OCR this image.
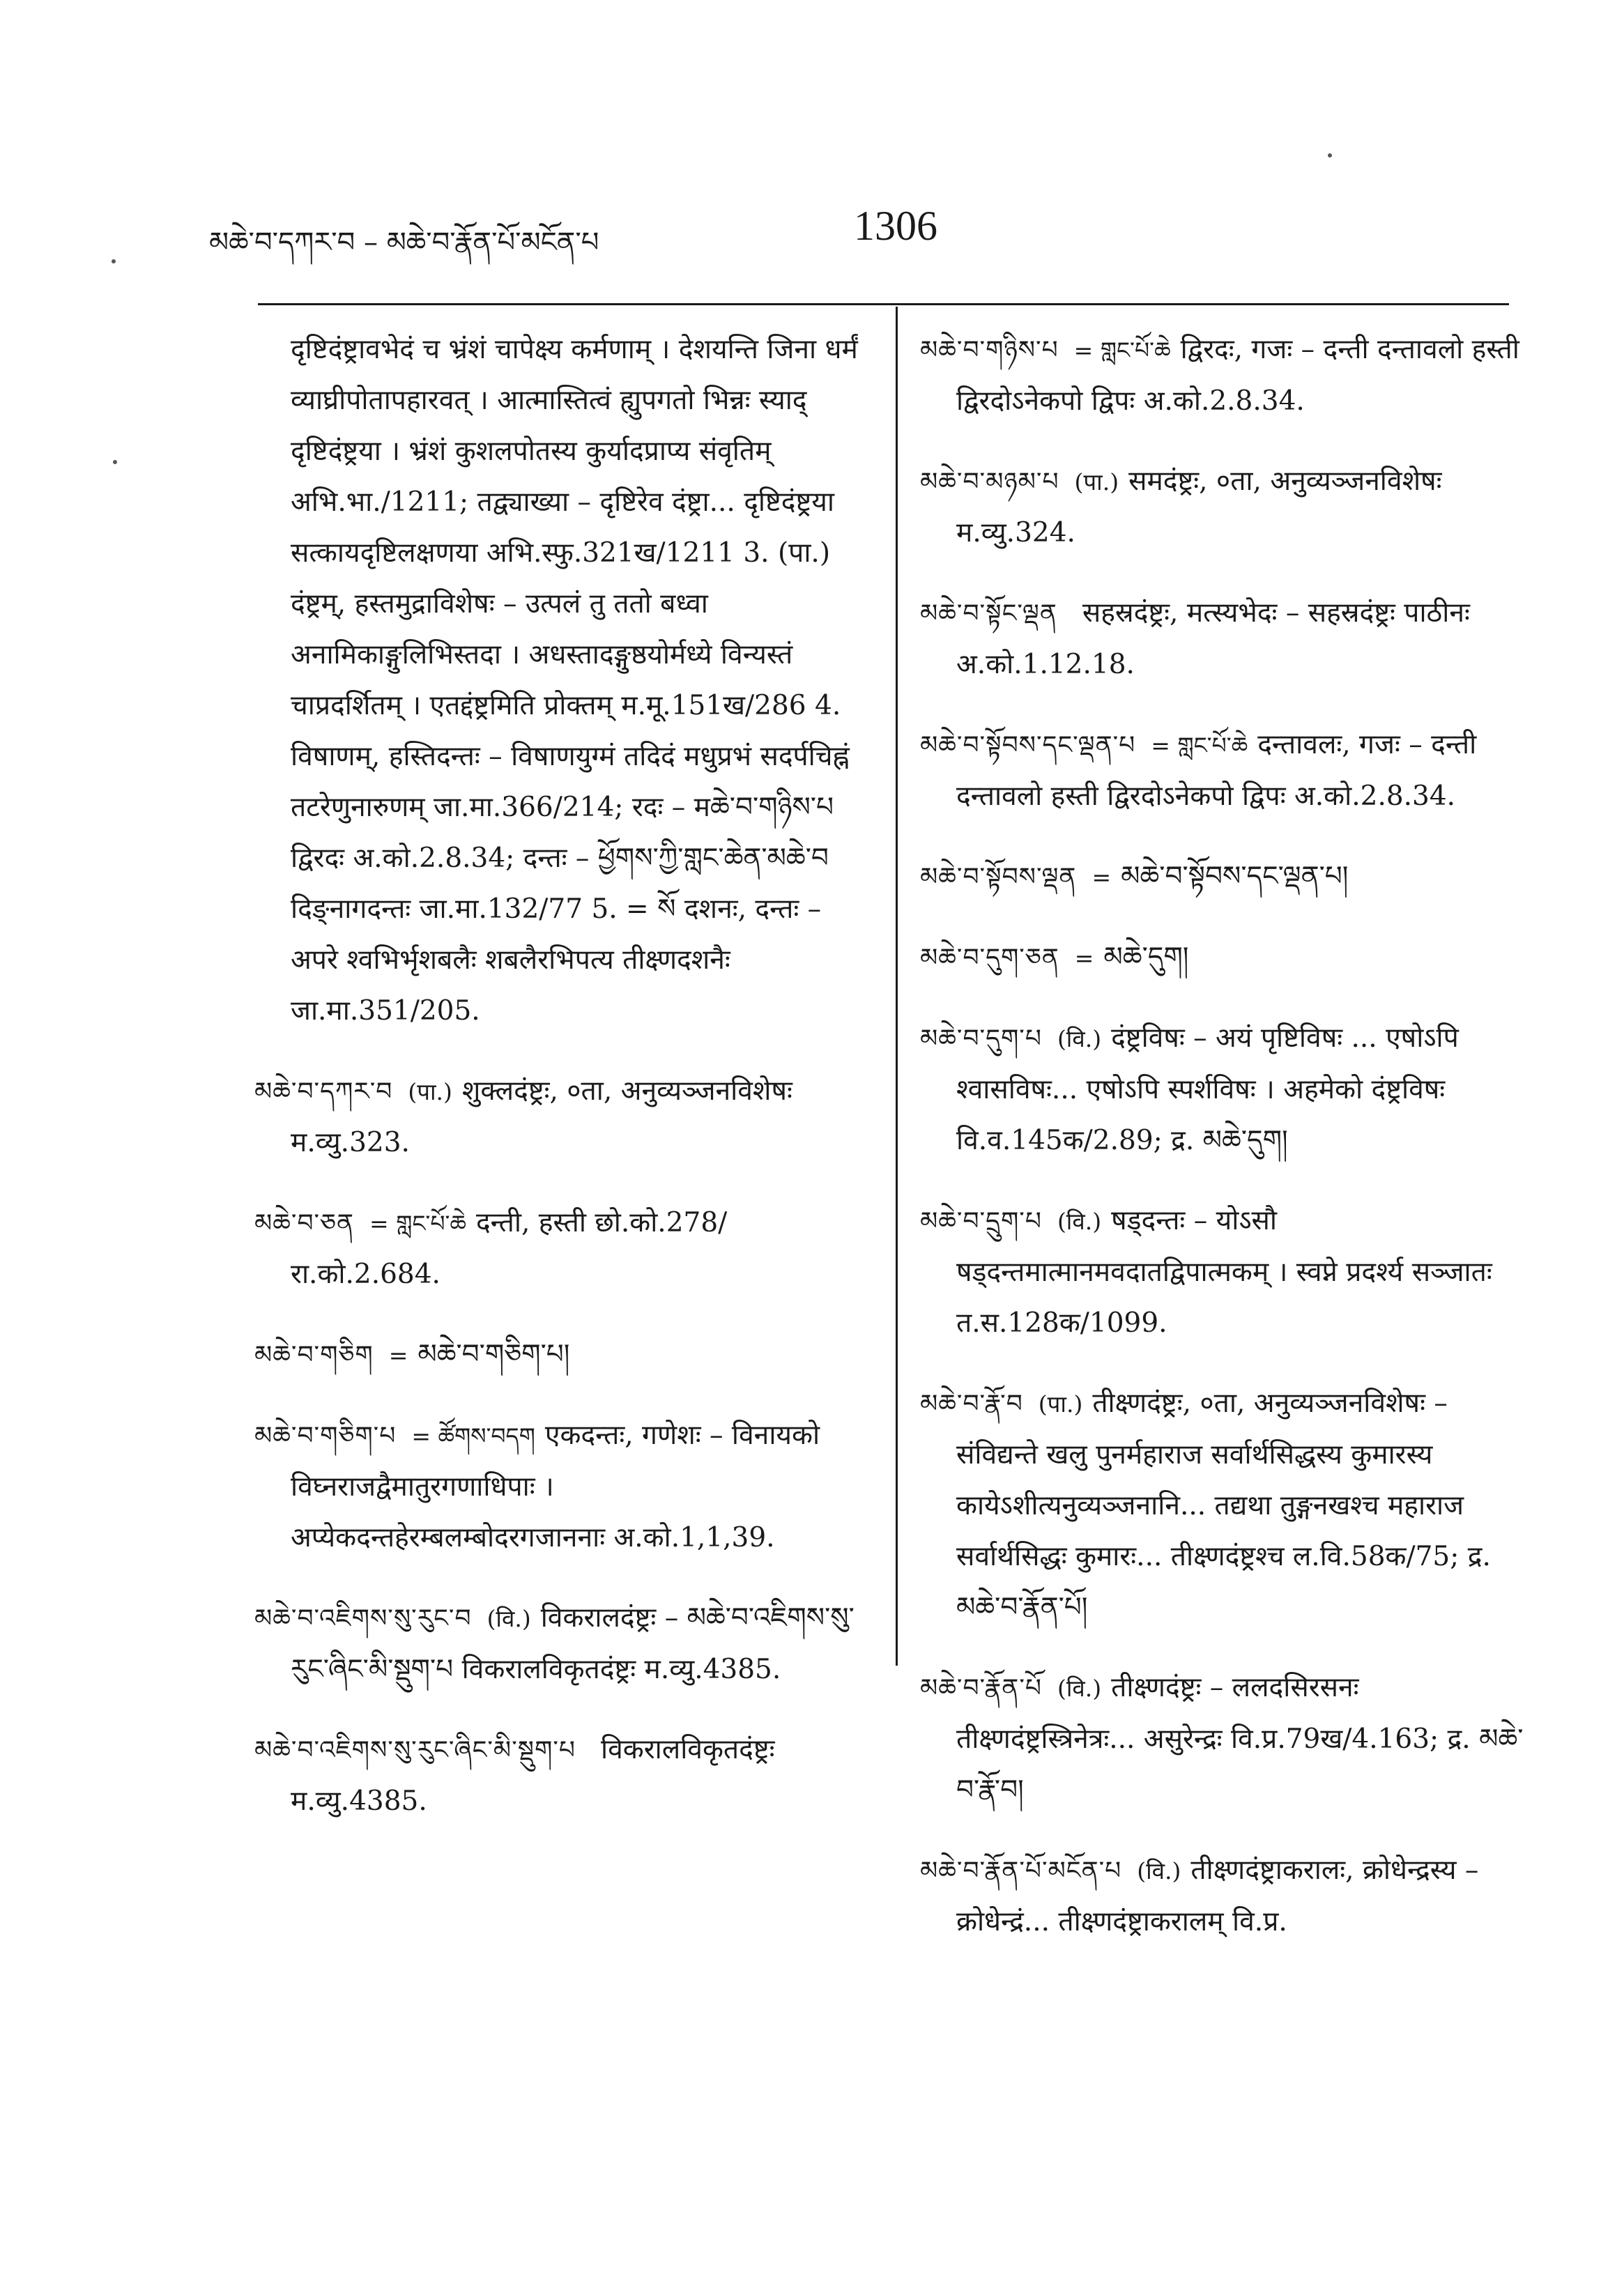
མཆེ་བ་དཀར་བ – མཆེ་བ་རྣོན་པོ་མངོན་པ	1306
दृष्टिदंष्ट्रावभेदं च भ्रंशं चापेक्ष्य कर्मणाम् । देशयन्ति जिना धर्मं व्याघ्रीपोतापहारवत् । आत्मास्तित्वं ह्युपगतो भिन्नः स्याद् दृष्टिदंष्ट्रया । भ्रंशं कुशलपोतस्य कुर्यादप्राप्य संवृतिम् अभि.भा./1211; तद्व्याख्या – दृष्टिरेव दंष्ट्रा... दृष्टिदंष्ट्रया सत्कायदृष्टिलक्षणया अभि.स्फु.321ख/1211 3. (पा.) दंष्ट्रम्, हस्तमुद्राविशेषः – उत्पलं तु ततो बध्वा अनामिकाङ्गुलिभिस्तदा । अधस्तादङ्गुष्ठयोर्मध्ये विन्यस्तं चाप्रदर्शितम् । एतद्दंष्ट्रमिति प्रोक्तम् म.मू.151ख/286 4. विषाणम्, हस्तिदन्तः – विषाणयुग्मं तदिदं मधुप्रभं सदर्पचिह्नं तटरेणुनारुणम् जा.मा.366/214; रदः – मཆེ་བ་གཉིས་པ द्विरदः अ.को.2.8.34; दन्तः – ཕྱོགས་ཀྱི་གླང་ཆེན་མཆེ་བ दिङ्नागदन्तः जा.मा.132/77 5. = སོ दशनः, दन्तः – अपरे श्वभिर्भृशबलैः शबलैरभिपत्य तीक्ष्णदशनैः जा.मा.351/205.
མཆེ་བ་དཀར་བ (पा.) शुक्लदंष्ट्रः, ०ता, अनुव्यञ्जनविशेषः म.व्यु.323.
མཆེ་བ་ཅན = གླང་པོ་ཆེ दन्ती, हस्ती छो.को.278/रा.को.2.684.
མཆེ་བ་གཅིག = མཆེ་བ་གཅིག་པ།
མཆེ་བ་གཅིག་པ = ཚོགས་བདག एकदन्तः, गणेशः – विनायको विघ्नराजद्वैमातुरगणाधिपाः । अप्येकदन्तहेरम्बलम्बोदरगजाननाः अ.को.1,1,39.
མཆེ་བ་འཇིགས་སུ་རུང་བ (वि.) विकरालदंष्ट्रः – མཆེ་བ་འཇིགས་སུ་རུང་ཞིང་མི་སྡུག་པ विकरालविकृतदंष्ट्रः म.व्यु.4385.
མཆེ་བ་འཇིགས་སུ་རུང་ཞིང་མི་སྡུག་པ विकरालविकृतदंष्ट्रः म.व्यु.4385.
མཆེ་བ་གཉིས་པ = གླང་པོ་ཆེ द्विरदः, गजः – दन्ती दन्तावलो हस्ती द्विरदोऽनेकपो द्विपः अ.को.2.8.34.
མཆེ་བ་མཉམ་པ (पा.) समदंष्ट्रः, ०ता, अनुव्यञ्जनविशेषः म.व्यु.324.
མཆེ་བ་སྟོང་ལྡན सहस्रदंष्ट्रः, मत्स्यभेदः – सहस्रदंष्ट्रः पाठीनः अ.को.1.12.18.
མཆེ་བ་སྟོབས་དང་ལྡན་པ = གླང་པོ་ཆེ दन्तावलः, गजः – दन्ती दन्तावलो हस्ती द्विरदोऽनेकपो द्विपः अ.को.2.8.34.
མཆེ་བ་སྟོབས་ལྡན = མཆེ་བ་སྟོབས་དང་ལྡན་པ།
མཆེ་བ་དུག་ཅན = མཆེ་དུག།
མཆེ་བ་དུག་པ (वि.) दंष्ट्रविषः – अयं पृष्टिविषः ... एषोऽपि श्वासविषः... एषोऽपि स्पर्शविषः । अहमेको दंष्ट्रविषः वि.व.145क/2.89; द्र. མཆེ་དུག།
མཆེ་བ་དྲུག་པ (वि.) षड्दन्तः – योऽसौ षड्दन्तमात्मानमवदातद्विपात्मकम् । स्वप्ने प्रदर्श्य सञ्जातः त.स.128क/1099.
མཆེ་བ་རྣོ་བ (पा.) तीक्ष्णदंष्ट्रः, ०ता, अनुव्यञ्जनविशेषः – संविद्यन्ते खलु पुनर्महाराज सर्वार्थसिद्धस्य कुमारस्य कायेऽशीत्यनुव्यञ्जनानि... तद्यथा तुङ्गनखश्च महाराज सर्वार्थसिद्धः कुमारः... तीक्ष्णदंष्ट्रश्च ल.वि.58क/75; द्र. མཆེ་བ་རྣོན་པོ།
མཆེ་བ་རྣོན་པོ (वि.) तीक्ष्णदंष्ट्रः – ललदसिरसनः तीक्ष्णदंष्ट्रस्त्रिनेत्रः... असुरेन्द्रः वि.प्र.79ख/4.163; द्र. མཆེ་བ་རྣོ་བ།
མཆེ་བ་རྣོན་པོ་མངོན་པ (वि.) तीक्ष्णदंष्ट्राकरालः, क्रोधेन्द्रस्य – क्रोधेन्द्रं... तीक्ष्णदंष्ट्राकरालम् वि.प्र.
